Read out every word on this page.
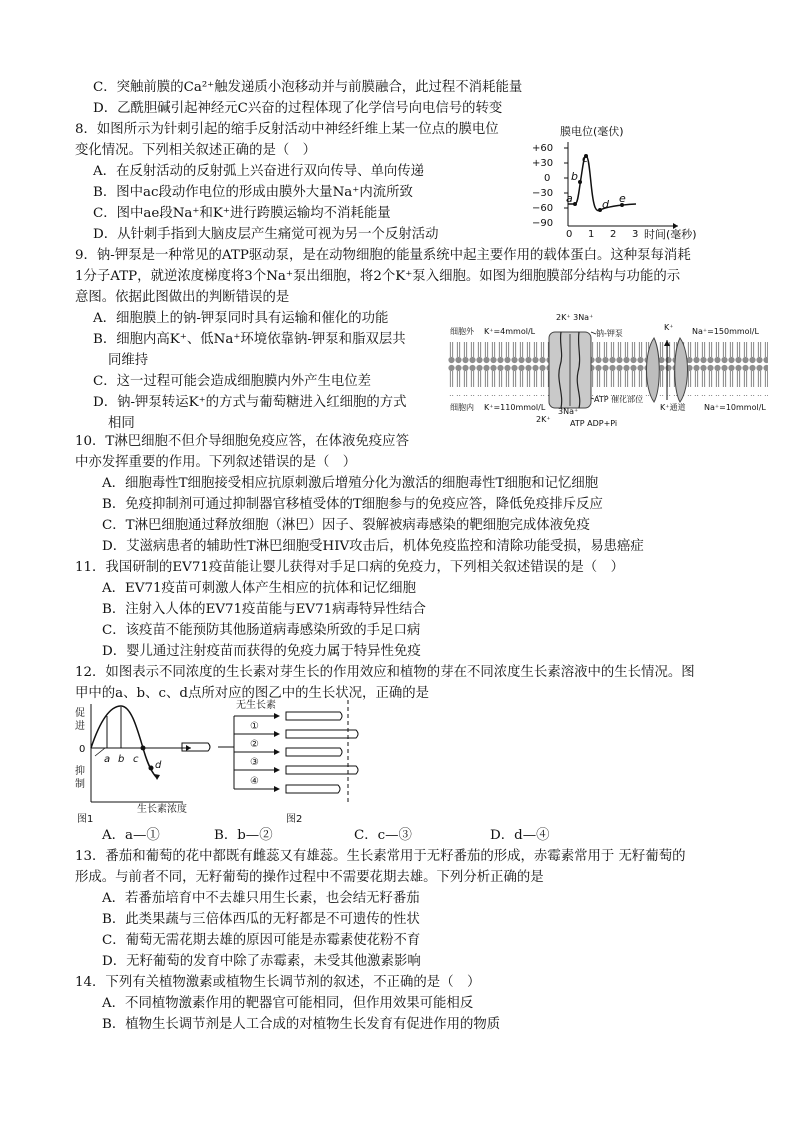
C．突触前膜的Ca²⁺触发递质小泡移动并与前膜融合，此过程不消耗能量
D．乙酰胆碱引起神经元C兴奋的过程体现了化学信号向电信号的转变
8．如图所示为针刺引起的缩手反射活动中神经纤维上某一位点的膜电位
变化情况。下列相关叙述正确的是（　）
A．在反射活动的反射弧上兴奋进行双向传导、单向传递
B．图中ac段动作电位的形成由膜外大量Na⁺内流所致
C．图中ae段Na⁺和K⁺进行跨膜运输均不消耗能量
D．从针刺手指到大脑皮层产生痛觉可视为另一个反射活动
膜电位(毫伏)
+60
+30
0
−30
−60
−90
0 1 2 3 时间(毫秒)
a
b
c
d e
9．钠-钾泵是一种常见的ATP驱动泵，是在动物细胞的能量系统中起主要作用的载体蛋白。这种泵每消耗
1分子ATP，就逆浓度梯度将3个Na⁺泵出细胞，将2个K⁺泵入细胞。如图为细胞膜部分结构与功能的示
意图。依据此图做出的判断错误的是
A．细胞膜上的钠-钾泵同时具有运输和催化的功能
B．细胞内高K⁺、低Na⁺环境依靠钠-钾泵和脂双层共
同维持
C．这一过程可能会造成细胞膜内外产生电位差
D．钠-钾泵转运K⁺的方式与葡萄糖进入红细胞的方式
相同
细胞外 K⁺=4mmol/L	Na⁺=150mmol/L
细胞内 K⁺=110mmol/L	Na⁺=10mmol/L
2K⁺ 3Na⁺
钠-钾泵
K⁺
ATP 催化部位
K⁺通道
3Na⁺
2K⁺ ATP ADP+Pi
10．T淋巴细胞不但介导细胞免疫应答，在体液免疫应答
中亦发挥重要的作用。下列叙述错误的是（　）
A．细胞毒性T细胞接受相应抗原刺激后增殖分化为激活的细胞毒性T细胞和记忆细胞
B．免疫抑制剂可通过抑制器官移植受体的T细胞参与的免疫应答，降低免疫排斥反应
C．T淋巴细胞通过释放细胞（淋巴）因子、裂解被病毒感染的靶细胞完成体液免疫
D．艾滋病患者的辅助性T淋巴细胞受HIV攻击后，机体免疫监控和清除功能受损，易患癌症
11．我国研制的EV71疫苗能让婴儿获得对手足口病的免疫力，下列相关叙述错误的是（　）
A．EV71疫苗可刺激人体产生相应的抗体和记忆细胞
B．注射入人体的EV71疫苗能与EV71病毒特异性结合
C．该疫苗不能预防其他肠道病毒感染所致的手足口病
D．婴儿通过注射疫苗而获得的免疫力属于特异性免疫
12．如图表示不同浓度的生长素对芽生长的作用效应和植物的芽在不同浓度生长素溶液中的生长情况。图
甲中的a、b、c、d点所对应的图乙中的生长状况，正确的是
促
进
0
抑
制
生长素浓度
图1
a b c
d
无生长素
①
②
③
④
图2
A．a—①	B．b—②	C．c—③	D．d—④
13．番茄和葡萄的花中都既有雌蕊又有雄蕊。生长素常用于无籽番茄的形成，赤霉素常用于 无籽葡萄的
形成。与前者不同，无籽葡萄的操作过程中不需要花期去雄。下列分析正确的是
A．若番茄培育中不去雄只用生长素，也会结无籽番茄
B．此类果蔬与三倍体西瓜的无籽都是不可遗传的性状
C．葡萄无需花期去雄的原因可能是赤霉素使花粉不育
D．无籽葡萄的发育中除了赤霉素，未受其他激素影响
14．下列有关植物激素或植物生长调节剂的叙述，不正确的是（　）
A．不同植物激素作用的靶器官可能相同，但作用效果可能相反
B．植物生长调节剂是人工合成的对植物生长发育有促进作用的物质
